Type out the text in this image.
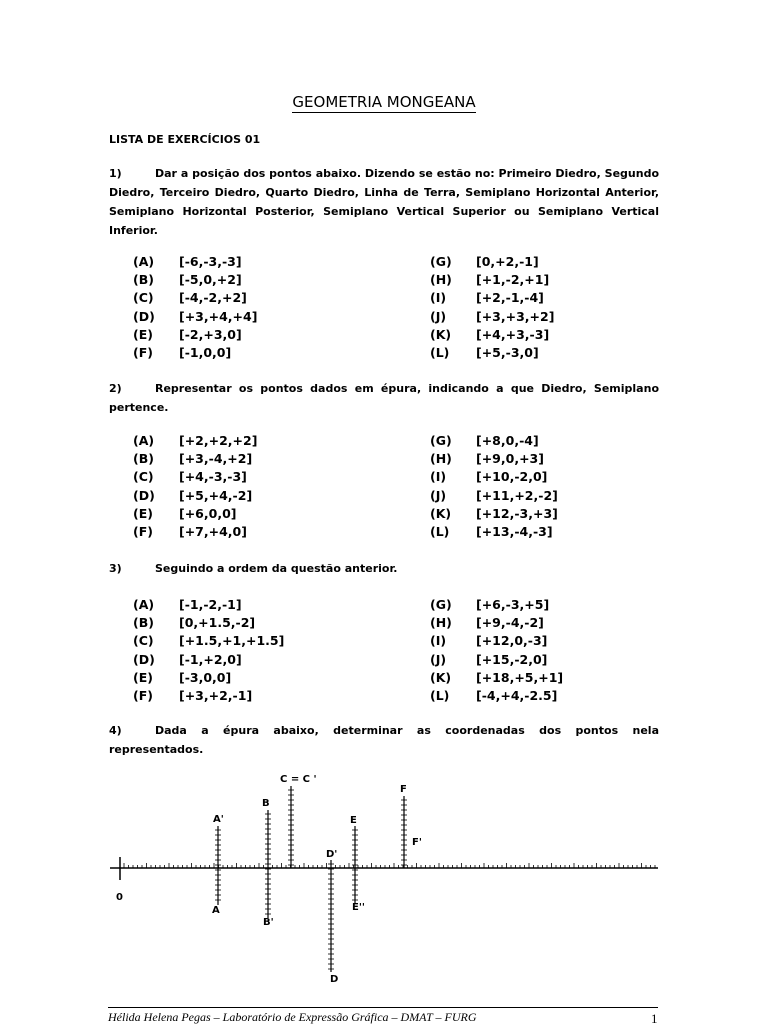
GEOMETRIA MONGEANA
LISTA DE EXERCÍCIOS 01
1)	Dar a posição dos pontos abaixo. Dizendo se estão no: Primeiro Diedro, Segundo Diedro, Terceiro Diedro, Quarto Diedro, Linha de Terra, Semiplano Horizontal Anterior, Semiplano Horizontal Posterior, Semiplano Vertical Superior ou Semiplano Vertical Inferior.
(A) [-6,-3,-3]
(B) [-5,0,+2]
(C) [-4,-2,+2]
(D) [+3,+4,+4]
(E) [-2,+3,0]
(F) [-1,0,0]
(G) [0,+2,-1]
(H) [+1,-2,+1]
(I) [+2,-1,-4]
(J) [+3,+3,+2]
(K) [+4,+3,-3]
(L) [+5,-3,0]
2)	Representar os pontos dados em épura, indicando a que Diedro, Semiplano pertence.
(A) [+2,+2,+2]
(B) [+3,-4,+2]
(C) [+4,-3,-3]
(D) [+5,+4,-2]
(E) [+6,0,0]
(F) [+7,+4,0]
(G) [+8,0,-4]
(H) [+9,0,+3]
(I) [+10,-2,0]
(J) [+11,+2,-2]
(K) [+12,-3,+3]
(L) [+13,-4,-3]
3)	Seguindo a ordem da questão anterior.
(A) [-1,-2,-1]
(B) [0,+1.5,-2]
(C) [+1.5,+1,+1.5]
(D) [-1,+2,0]
(E) [-3,0,0]
(F) [+3,+2,-1]
(G) [+6,-3,+5]
(H) [+9,-4,-2]
(I) [+12,0,-3]
(J) [+15,-2,0]
(K) [+18,+5,+1]
(L) [-4,+4,-2.5]
4)	Dada a épura abaixo, determinar as coordenadas dos pontos nela representados.
0
A'
A
B
B'
C = C '
D'
D
E
E''
F
F'
Hélida Helena Pegas – Laboratório de Expressão Gráfica – DMAT – FURG	1
